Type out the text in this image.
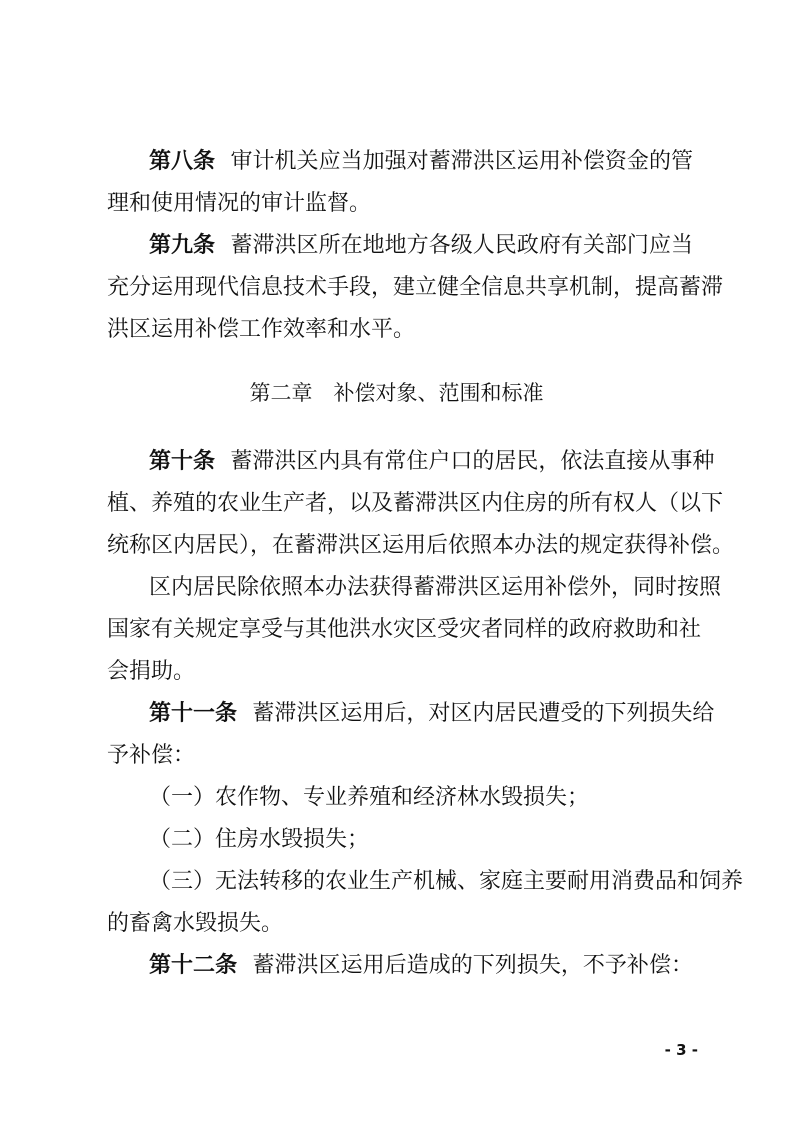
第八条 审计机关应当加强对蓄滞洪区运用补偿资金的管
理和使用情况的审计监督。
第九条 蓄滞洪区所在地地方各级人民政府有关部门应当
充分运用现代信息技术手段，建立健全信息共享机制，提高蓄滞
洪区运用补偿工作效率和水平。
第二章　补偿对象、范围和标准
第十条 蓄滞洪区内具有常住户口的居民，依法直接从事种
植、养殖的农业生产者，以及蓄滞洪区内住房的所有权人（以下
统称区内居民），在蓄滞洪区运用后依照本办法的规定获得补偿。
区内居民除依照本办法获得蓄滞洪区运用补偿外，同时按照
国家有关规定享受与其他洪水灾区受灾者同样的政府救助和社
会捐助。
第十一条 蓄滞洪区运用后，对区内居民遭受的下列损失给
予补偿：
（一）农作物、专业养殖和经济林水毁损失；
（二）住房水毁损失；
（三）无法转移的农业生产机械、家庭主要耐用消费品和饲养
的畜禽水毁损失。
第十二条 蓄滞洪区运用后造成的下列损失，不予补偿：
- 3 -
